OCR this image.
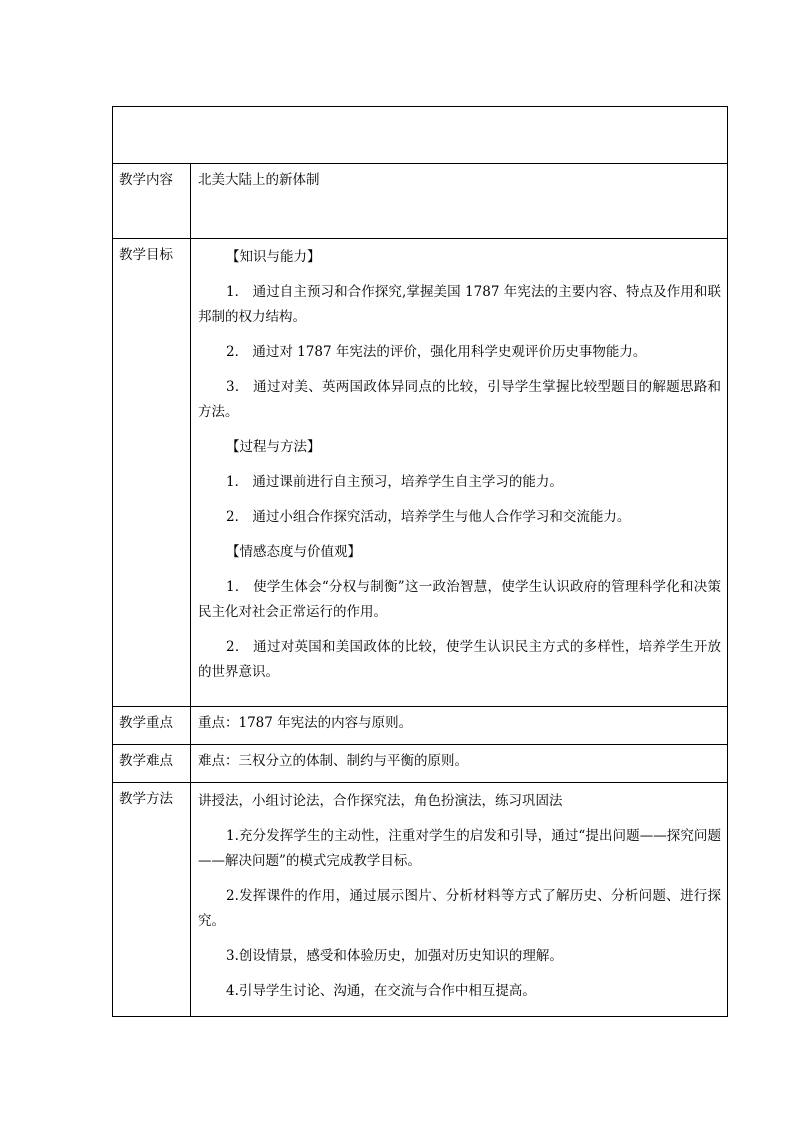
教学内容	北美大陆上的新体制
教学目标	【知识与能力】

1． 通过自主预习和合作探究,掌握美国 1787 年宪法的主要内容、特点及作用和联邦制的权力结构。

2． 通过对 1787 年宪法的评价，强化用科学史观评价历史事物能力。

3． 通过对美、英两国政体异同点的比较，引导学生掌握比较型题目的解题思路和方法。

【过程与方法】

1． 通过课前进行自主预习，培养学生自主学习的能力。

2． 通过小组合作探究活动，培养学生与他人合作学习和交流能力。

【情感态度与价值观】

1． 使学生体会“分权与制衡”这一政治智慧，使学生认识政府的管理科学化和决策民主化对社会正常运行的作用。

2． 通过对英国和美国政体的比较，使学生认识民主方式的多样性，培养学生开放的世界意识。

教学重点	重点：1787 年宪法的内容与原则。
教学难点	难点：三权分立的体制、制约与平衡的原则。
教学方法	讲授法，小组讨论法，合作探究法，角色扮演法，练习巩固法

1.充分发挥学生的主动性，注重对学生的启发和引导，通过“提出问题——探究问题——解决问题”的模式完成教学目标。

2.发挥课件的作用，通过展示图片、分析材料等方式了解历史、分析问题、进行探究。

3.创设情景，感受和体验历史，加强对历史知识的理解。

4.引导学生讨论、沟通，在交流与合作中相互提高。
